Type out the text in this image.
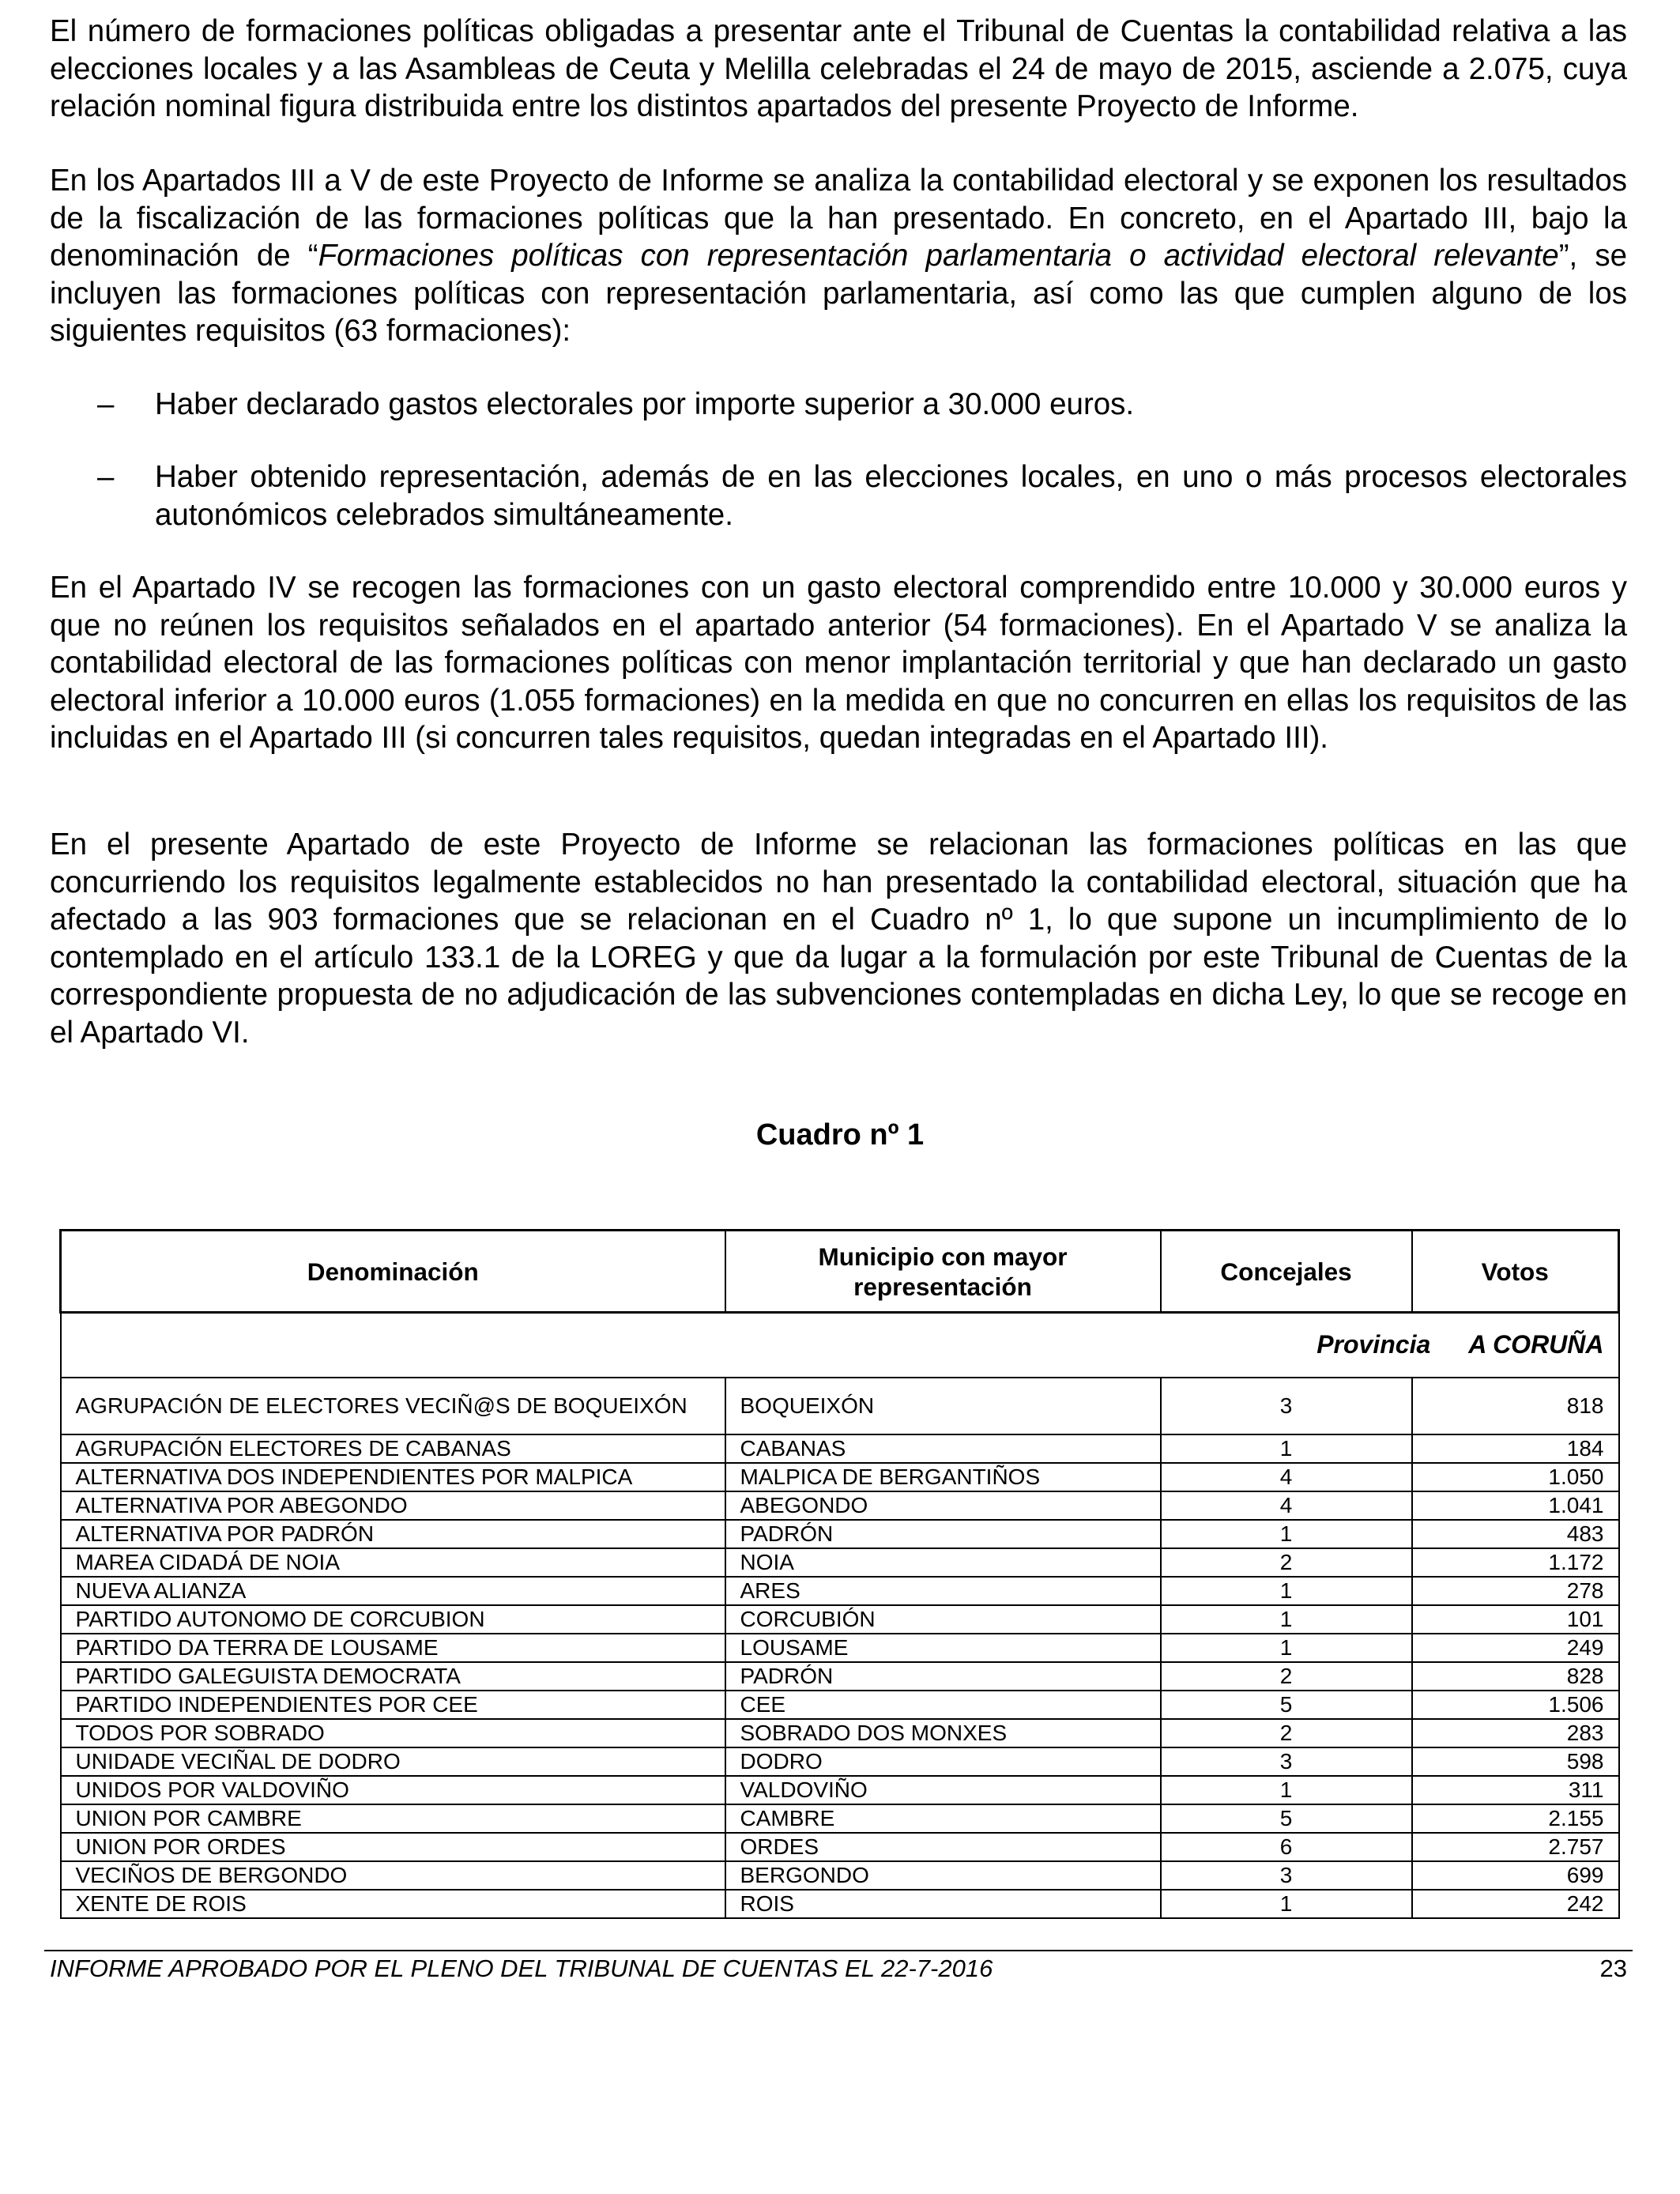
El número de formaciones políticas obligadas a presentar ante el Tribunal de Cuentas la contabilidad relativa a las elecciones locales y a las Asambleas de Ceuta y Melilla celebradas el 24 de mayo de 2015, asciende a 2.075, cuya relación nominal figura distribuida entre los distintos apartados del presente Proyecto de Informe.

En los Apartados III a V de este Proyecto de Informe se analiza la contabilidad electoral y se exponen los resultados de la fiscalización de las formaciones políticas que la han presentado. En concreto, en el Apartado III, bajo la denominación de “Formaciones políticas con representación parlamentaria o actividad electoral relevante”, se incluyen las formaciones políticas con representación parlamentaria, así como las que cumplen alguno de los siguientes requisitos (63 formaciones):

– Haber declarado gastos electorales por importe superior a 30.000 euros.

– Haber obtenido representación, además de en las elecciones locales, en uno o más procesos electorales autonómicos celebrados simultáneamente.

En el Apartado IV se recogen las formaciones con un gasto electoral comprendido entre 10.000 y 30.000 euros y que no reúnen los requisitos señalados en el apartado anterior (54 formaciones). En el Apartado V se analiza la contabilidad electoral de las formaciones políticas con menor implantación territorial y que han declarado un gasto electoral inferior a 10.000 euros (1.055 formaciones) en la medida en que no concurren en ellas los requisitos de las incluidas en el Apartado III (si concurren tales requisitos, quedan integradas en el Apartado III).

En el presente Apartado de este Proyecto de Informe se relacionan las formaciones políticas en las que concurriendo los requisitos legalmente establecidos no han presentado la contabilidad electoral, situación que ha afectado a las 903 formaciones que se relacionan en el Cuadro nº 1, lo que supone un incumplimiento de lo contemplado en el artículo 133.1 de la LOREG y que da lugar a la formulación por este Tribunal de Cuentas de la correspondiente propuesta de no adjudicación de las subvenciones contempladas en dicha Ley, lo que se recoge en el Apartado VI.

Cuadro nº 1
Denominación	Municipio con mayor representación	Concejales	Votos
Provincia A CORUÑA			
AGRUPACIÓN DE ELECTORES VECIÑ@S DE BOQUEIXÓN	BOQUEIXÓN	3	818
AGRUPACIÓN ELECTORES DE CABANAS	CABANAS	1	184
ALTERNATIVA DOS INDEPENDIENTES POR MALPICA	MALPICA DE BERGANTIÑOS	4	1.050
ALTERNATIVA POR ABEGONDO	ABEGONDO	4	1.041
ALTERNATIVA POR PADRÓN	PADRÓN	1	483
MAREA CIDADÁ DE NOIA	NOIA	2	1.172
NUEVA ALIANZA	ARES	1	278
PARTIDO AUTONOMO DE CORCUBION	CORCUBIÓN	1	101
PARTIDO DA TERRA DE LOUSAME	LOUSAME	1	249
PARTIDO GALEGUISTA DEMOCRATA	PADRÓN	2	828
PARTIDO INDEPENDIENTES POR CEE	CEE	5	1.506
TODOS POR SOBRADO	SOBRADO DOS MONXES	2	283
UNIDADE VECIÑAL DE DODRO	DODRO	3	598
UNIDOS POR VALDOVIÑO	VALDOVIÑO	1	311
UNION POR CAMBRE	CAMBRE	5	2.155
UNION POR ORDES	ORDES	6	2.757
VECIÑOS DE BERGONDO	BERGONDO	3	699
XENTE DE ROIS	ROIS	1	242
INFORME APROBADO POR EL PLENO DEL TRIBUNAL DE CUENTAS EL 22-7-2016	23
